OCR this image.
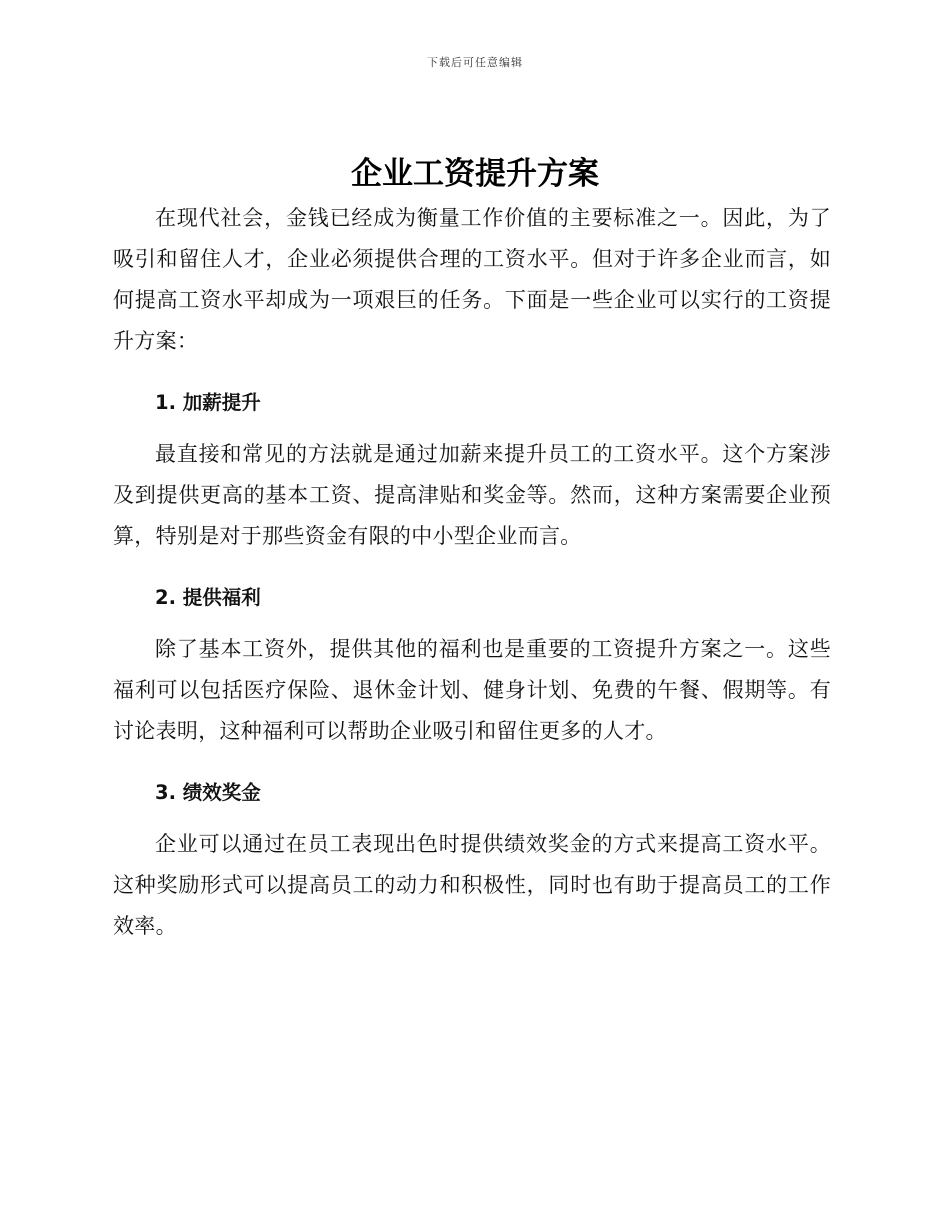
下载后可任意编辑
企业工资提升方案

在现代社会，金钱已经成为衡量工作价值的主要标准之一。因此，为了吸引和留住人才，企业必须提供合理的工资水平。但对于许多企业而言，如何提高工资水平却成为一项艰巨的任务。下面是一些企业可以实行的工资提升方案：

1. 加薪提升

最直接和常见的方法就是通过加薪来提升员工的工资水平。这个方案涉及到提供更高的基本工资、提高津贴和奖金等。然而，这种方案需要企业预算，特别是对于那些资金有限的中小型企业而言。

2. 提供福利

除了基本工资外，提供其他的福利也是重要的工资提升方案之一。这些福利可以包括医疗保险、退休金计划、健身计划、免费的午餐、假期等。有讨论表明，这种福利可以帮助企业吸引和留住更多的人才。

3. 绩效奖金

企业可以通过在员工表现出色时提供绩效奖金的方式来提高工资水平。这种奖励形式可以提高员工的动力和积极性，同时也有助于提高员工的工作效率。
